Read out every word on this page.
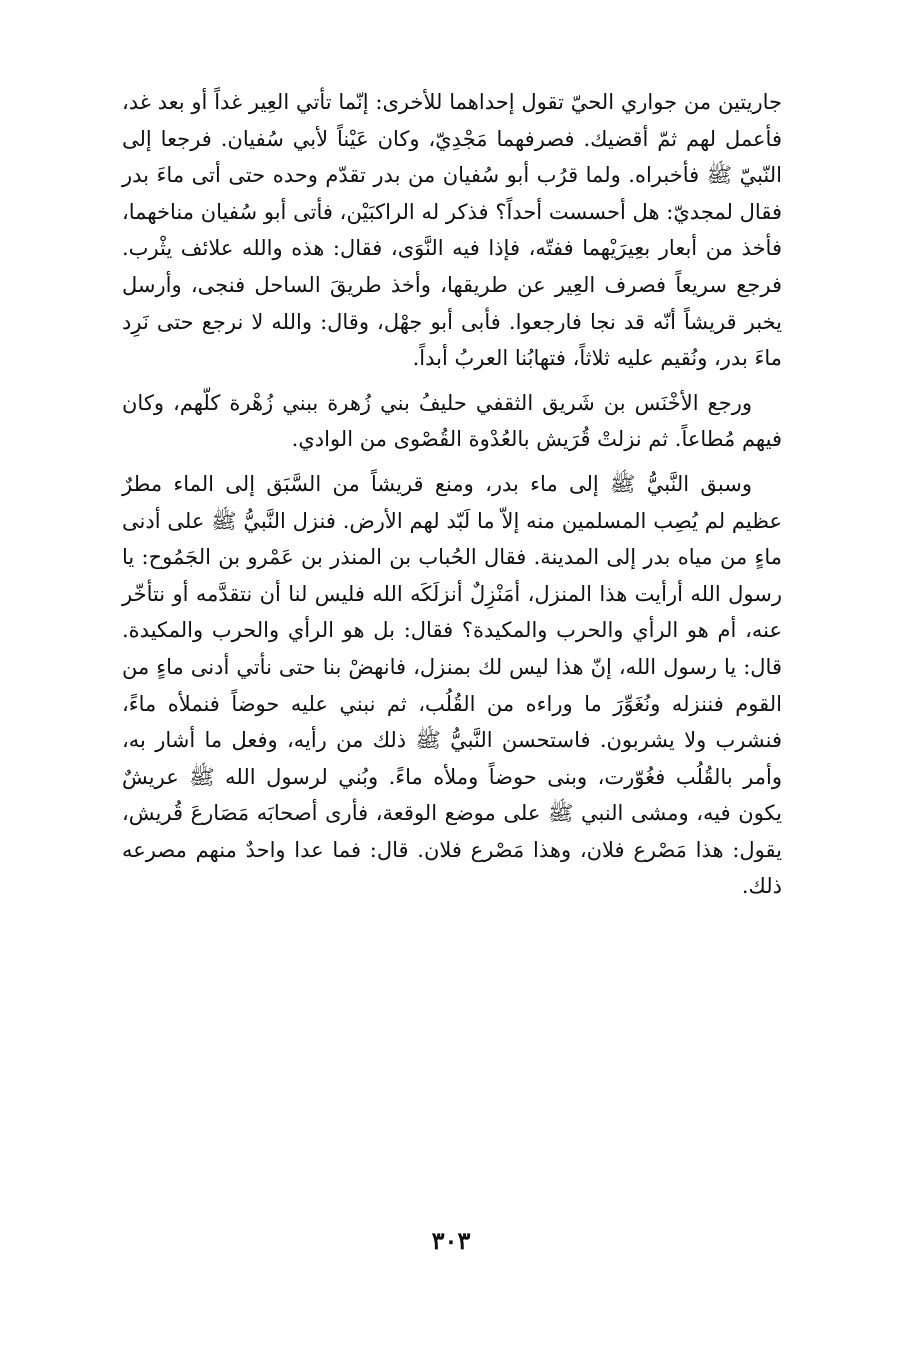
جاريتين من جواري الحيّ تقول إحداهما للأخرى: إنّما تأتي العِير غداً أو بعد غد، فأعمل لهم ثمّ أقضيك. فصرفهما مَجْدِيّ، وكان عَيْناً لأبي سُفيان. فرجعا إلى النّبيّ ﷺ فأخبراه. ولما قرُب أبو سُفيان من بدر تقدّم وحده حتى أتى ماءَ بدر فقال لمجديّ: هل أحسست أحداً؟ فذكر له الراكبَيْن، فأتى أبو سُفيان مناخهما، فأخذ من أبعار بعِيرَيْهما ففتّه، فإذا فيه النَّوَى، فقال: هذه والله علائف يثْرب. فرجع سريعاً فصرف العِير عن طريقها، وأخذ طريقَ الساحل فنجى، وأرسل يخبر قريشاً أنّه قد نجا فارجعوا. فأبى أبو جهْل، وقال: والله لا نرجع حتى نَرِد ماءَ بدر، ونُقيم عليه ثلاثاً، فتهابُنا العربُ أبداً.

ورجع الأخْنَس بن شَريق الثقفي حليفُ بني زُهرة ببني زُهْرة كلّهم، وكان فيهم مُطاعاً. ثم نزلتْ قُرَيش بالعُدْوة القُصْوى من الوادي.

وسبق النَّبيُّ ﷺ إلى ماء بدر، ومنع قريشاً من السَّبَق إلى الماء مطرٌ عظيم لم يُصِب المسلمين منه إلاّ ما لَبّد لهم الأرض. فنزل النَّبيُّ ﷺ على أدنى ماءٍ من مياه بدر إلى المدينة. فقال الحُباب بن المنذر بن عَمْرو بن الجَمُوح: يا رسول الله أرأيت هذا المنزل، أمَنْزِلٌ أنزلَكَه الله فليس لنا أن نتقدَّمه أو نتأخّر عنه، أم هو الرأي والحرب والمكيدة؟ فقال: بل هو الرأي والحرب والمكيدة. قال: يا رسول الله، إنّ هذا ليس لك بمنزل، فانهضْ بنا حتى نأتي أدنى ماءٍ من القوم فننزله ونُغَوِّرَ ما وراءه من القُلُب، ثم نبني عليه حوضاً فنملأه ماءً، فنشرب ولا يشربون. فاستحسن النَّبيُّ ﷺ ذلك من رأيه، وفعل ما أشار به، وأمر بالقُلُب فغُوّرت، وبنى حوضاً وملأه ماءً. وبُني لرسول الله ﷺ عريشٌ يكون فيه، ومشى النبي ﷺ على موضع الوقعة، فأرى أصحابَه مَصَارعَ قُريش، يقول: هذا مَصْرع فلان، وهذا مَصْرع فلان. قال: فما عدا واحدٌ منهم مصرعه ذلك.

٣٠٣
